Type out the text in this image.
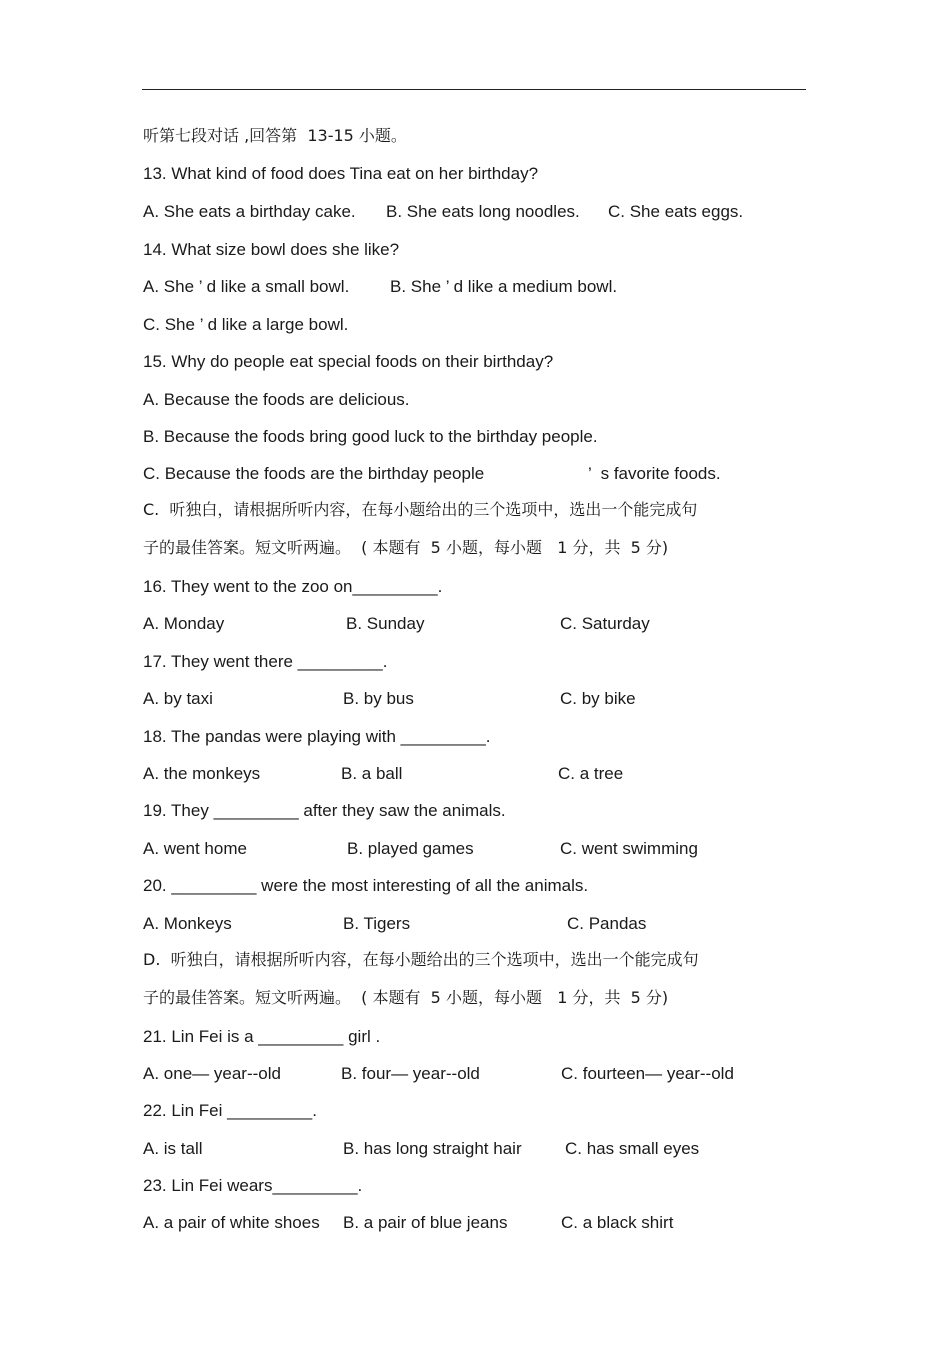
听第七段对话 ,回答第  13-15 小题。
13. What kind of food does Tina eat on her birthday?
A. She eats a birthday cake. B. She eats long noodles. C. She eats eggs.
14. What size bowl does she like?
A. She ’ d like a small bowl. B. She ’ d like a medium bowl.
C. She ’ d like a large bowl.
15. Why do people eat special foods on their birthday?
A. Because the foods are delicious.
B. Because the foods bring good luck to the birthday people.
C. Because the foods are the birthday people	’  s favorite foods.
C.  听独白，请根据所听内容，在每小题给出的三个选项中，选出一个能完成句
子的最佳答案。短文听两遍。  ( 本题有  5 小题，每小题   1 分，共  5 分)
16. They went to the zoo on_________.
A. Monday	B. Sunday	C. Saturday
17. They went there _________.
A. by taxi	B. by bus	C. by bike
18. The pandas were playing with _________.
A. the monkeys	B. a ball	C. a tree
19. They _________ after they saw the animals.
A. went home	B. played games	C. went swimming
20. _________ were the most interesting of all the animals.
A. Monkeys	B. Tigers	C. Pandas
D.  听独白，请根据所听内容，在每小题给出的三个选项中，选出一个能完成句
子的最佳答案。短文听两遍。  ( 本题有  5 小题，每小题   1 分，共  5 分)
21. Lin Fei is a _________ girl .
A. one— year--old	B. four— year--old	C. fourteen— year--old
22. Lin Fei _________.
A. is tall	B. has long straight hair	C. has small eyes
23. Lin Fei wears_________.
A. a pair of white shoes B. a pair of blue jeans	C. a black shirt
